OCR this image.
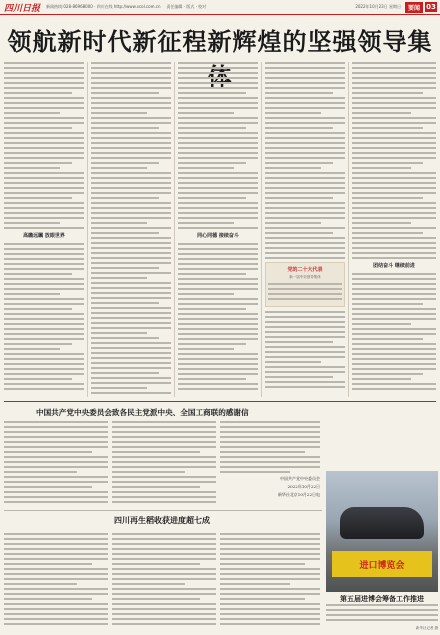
四川日报 新闻热线:028-86968000 · 四川在线 http://www.scol.com.cn 责任编辑 · 版式 · 校对	2022年10月23日 星期日	要闻 03
领航新时代新征程新辉煌的坚强领导集
高瞻远瞩 放眼世界	同心同德 接续奋斗
党的二十大代表
新一届中央领导集体
团结奋斗 继续前进
中国共产党中央委员会致各民主党派中央、全国工商联的感谢信
中国共产党中央委员会
2022年10月22日
新华社北京10月22日电
四川再生稻收获进度超七成
进口博览会
第五届进博会筹备工作推进
新华社记者 摄
